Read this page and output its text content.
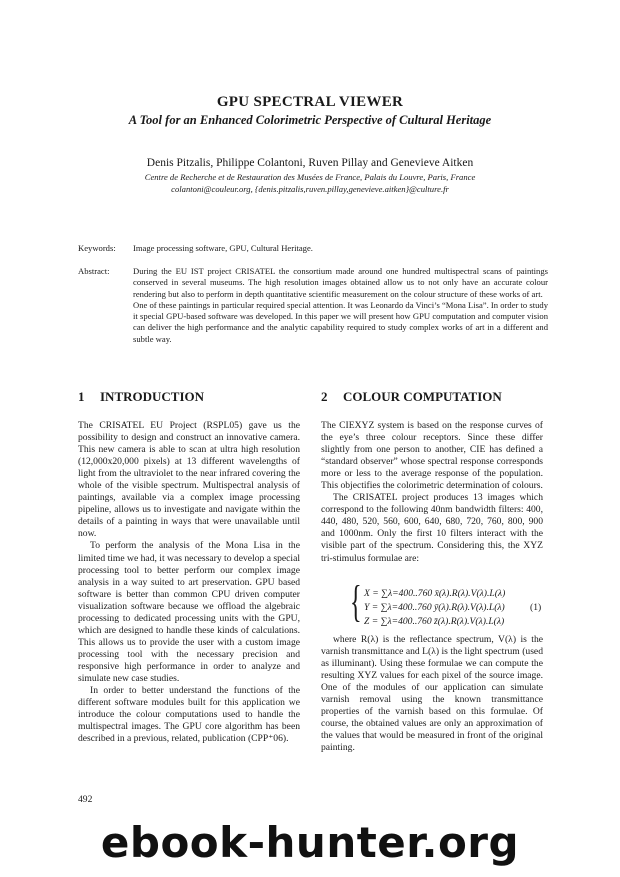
GPU SPECTRAL VIEWER
A Tool for an Enhanced Colorimetric Perspective of Cultural Heritage
Denis Pitzalis, Philippe Colantoni, Ruven Pillay and Genevieve Aitken
Centre de Recherche et de Restauration des Musées de France, Palais du Louvre, Paris, France
colantoni@couleur.org, {denis.pitzalis,ruven.pillay,genevieve.aitken}@culture.fr
Keywords: Image processing software, GPU, Cultural Heritage.
Abstract:	During the EU IST project CRISATEL the consortium made around one hundred multispectral scans of paintings conserved in several museums. The high resolution images obtained allow us to not only have an accurate colour rendering but also to perform in depth quantitative scientific measurement on the colour structure of these works of art.

One of these paintings in particular required special attention. It was Leonardo da Vinci’s “Mona Lisa”. In order to study it special GPU-based software was developed. In this paper we will present how GPU computation and computer vision can deliver the high performance and the analytic capability required to study complex works of art in a different and subtle way.

1 INTRODUCTION

The CRISATEL EU Project (RSPL05) gave us the possibility to design and construct an innovative camera. This new camera is able to scan at ultra high resolution (12,000x20,000 pixels) at 13 different wavelengths of light from the ultraviolet to the near infrared covering the whole of the visible spectrum. Multispectral analysis of paintings, available via a complex image processing pipeline, allows us to investigate and navigate within the details of a painting in ways that were unavailable until now.

To perform the analysis of the Mona Lisa in the limited time we had, it was necessary to develop a special processing tool to better perform our complex image analysis in a way suited to art preservation. GPU based software is better than common CPU driven computer visualization software because we offload the algebraic processing to dedicated processing units with the GPU, which are designed to handle these kinds of calculations. This allows us to provide the user with a custom image processing tool with the necessary precision and responsive high performance in order to analyze and simulate new case studies.

In order to better understand the functions of the different software modules built for this application we introduce the colour computations used to handle the multispectral images. The GPU core algorithm has been described in a previous, related, publication (CPP⁺06).

2 COLOUR COMPUTATION

The CIEXYZ system is based on the response curves of the eye’s three colour receptors. Since these differ slightly from one person to another, CIE has defined a “standard observer” whose spectral response corresponds more or less to the average response of the population. This objectifies the colorimetric determination of colours.

The CRISATEL project produces 13 images which correspond to the following 40nm bandwidth filters: 400, 440, 480, 520, 560, 600, 640, 680, 720, 760, 800, 900 and 1000nm. Only the first 10 filters interact with the visible part of the spectrum. Considering this, the XYZ tri-stimulus formulae are:

{ X = ∑λ=400..760 x̄(λ).R(λ).V(λ).L(λ)
Y = ∑λ=400..760 ȳ(λ).R(λ).V(λ).L(λ)
Z = ∑λ=400..760 z̄(λ).R(λ).V(λ).L(λ)
(1)

where R(λ) is the reflectance spectrum, V(λ) is the varnish transmittance and L(λ) is the light spectrum (used as illuminant). Using these formulae we can compute the resulting XYZ values for each pixel of the source image. One of the modules of our application can simulate varnish removal using the known transmittance properties of the varnish based on this formulae. Of course, the obtained values are only an approximation of the values that would be measured in front of the original painting.

492
ebook-hunter.org
